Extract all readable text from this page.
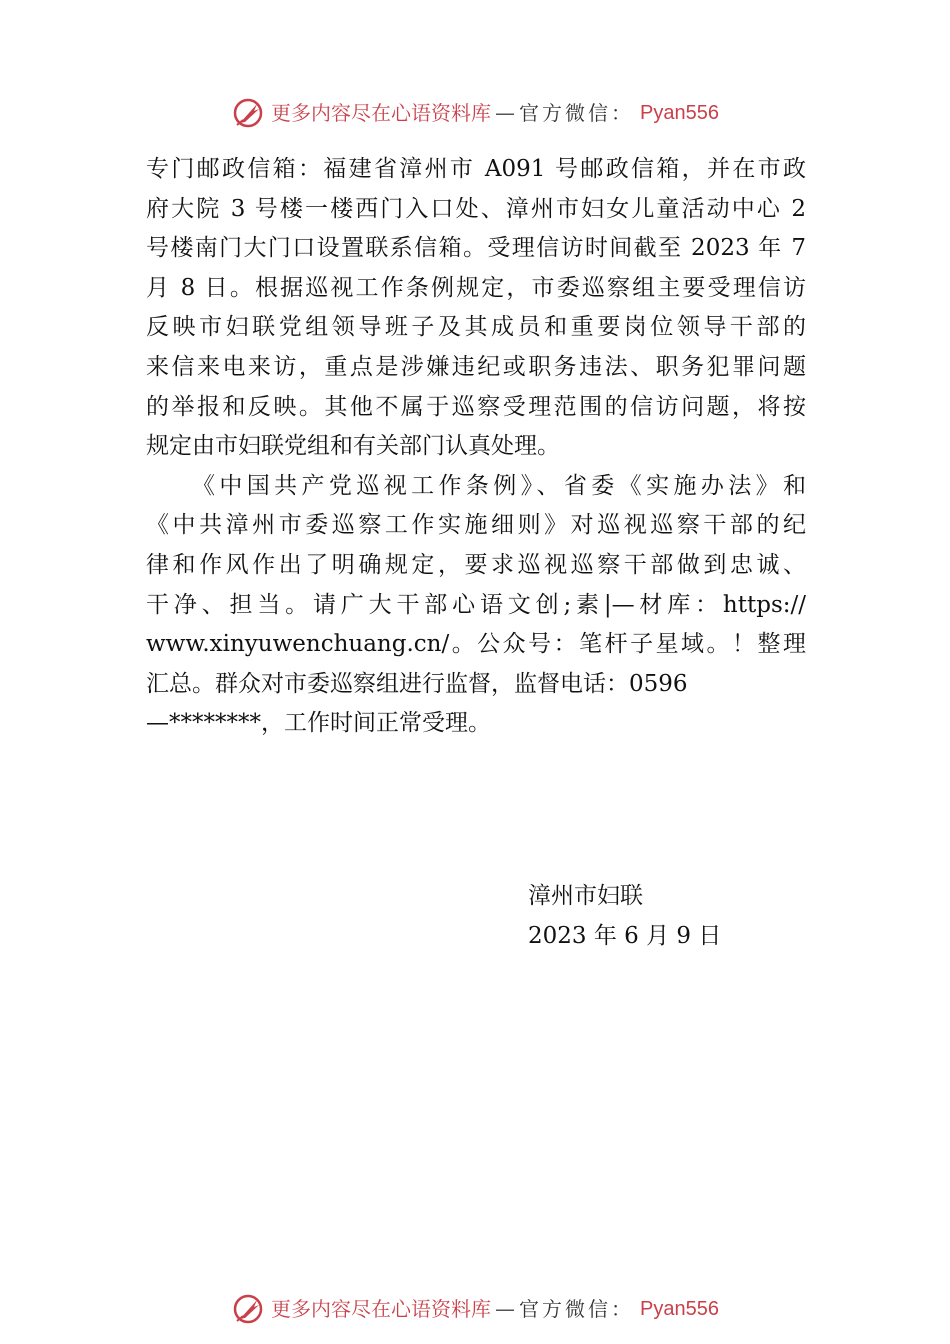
更多内容尽在心语资料库 — 官方微信： Pyan556
专门邮政信箱：福建省漳州市 A091 号邮政信箱，并在市政
府大院 3 号楼一楼西门入口处、漳州市妇女儿童活动中心 2
号楼南门大门口设置联系信箱。受理信访时间截至 2023 年 7
月 8 日。根据巡视工作条例规定，市委巡察组主要受理信访
反映市妇联党组领导班子及其成员和重要岗位领导干部的
来信来电来访，重点是涉嫌违纪或职务违法、职务犯罪问题
的举报和反映。其他不属于巡察受理范围的信访问题，将按
规定由市妇联党组和有关部门认真处理。
《中国共产党巡视工作条例》、省委《实施办法》和
《中共漳州市委巡察工作实施细则》对巡视巡察干部的纪
律和作风作出了明确规定，要求巡视巡察干部做到忠诚、
干净、担当。请广大干部心语文创;素|—材库：https://
www.xinyuwenchuang.cn/。公众号：笔杆子星域。！整理
汇总。群众对市委巡察组进行监督，监督电话：0596
—********，工作时间正常受理。
漳州市妇联
2023 年 6 月 9 日
更多内容尽在心语资料库 — 官方微信： Pyan556
